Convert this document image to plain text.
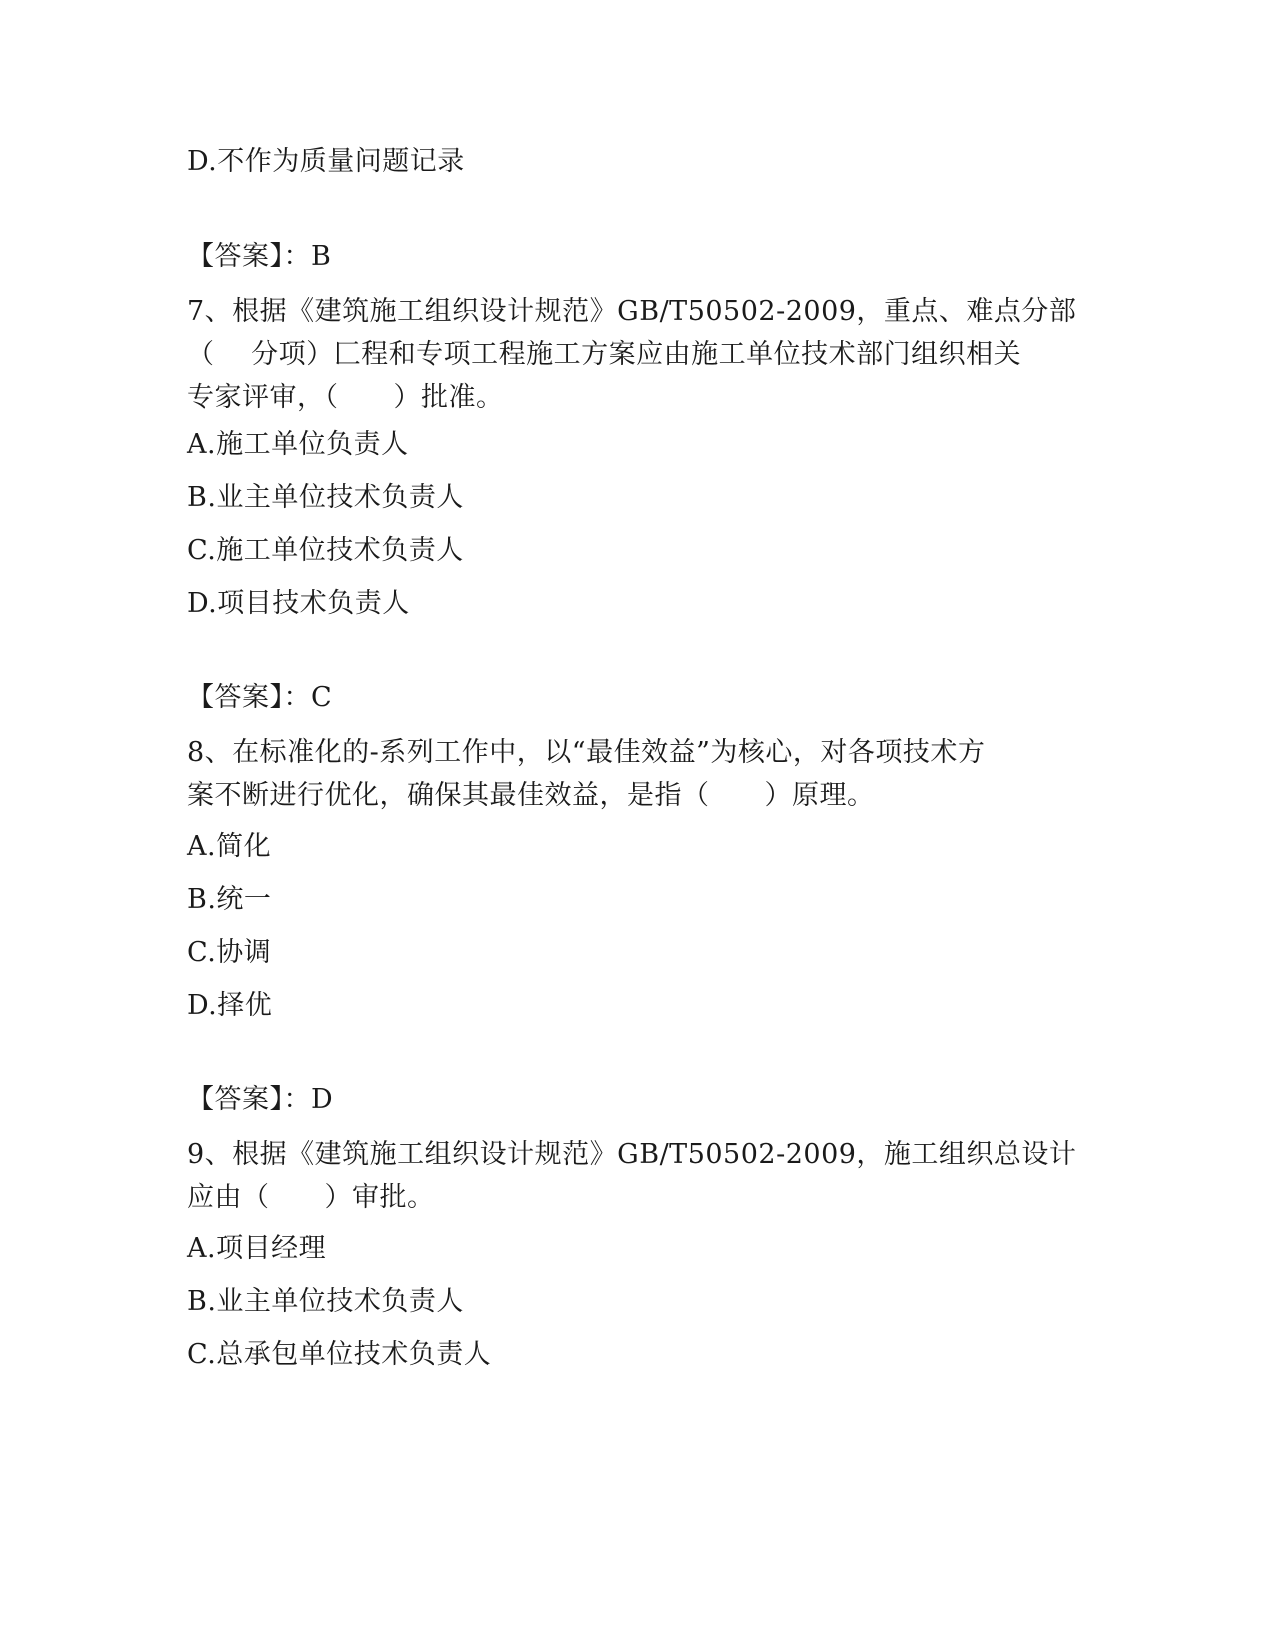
D.不作为质量问题记录
【答案】：B
7、根据《建筑施工组织设计规范》GB/T50502-2009，重点、难点分部
（　 分项）匚程和专项工程施工方案应由施工单位技术部门组织相关
专家评审，（　　）批准。
A.施工单位负责人
B.业主单位技术负责人
C.施工单位技术负责人
D.项目技术负责人
【答案】：C
8、在标准化的-系列工作中，以“最佳效益”为核心，对各项技术方
案不断进行优化，确保其最佳效益，是指（　　）原理。
A.简化
B.统一
C.协调
D.择优
【答案】：D
9、根据《建筑施工组织设计规范》GB/T50502-2009，施工组织总设计
应由（　　）审批。
A.项目经理
B.业主单位技术负责人
C.总承包单位技术负责人
